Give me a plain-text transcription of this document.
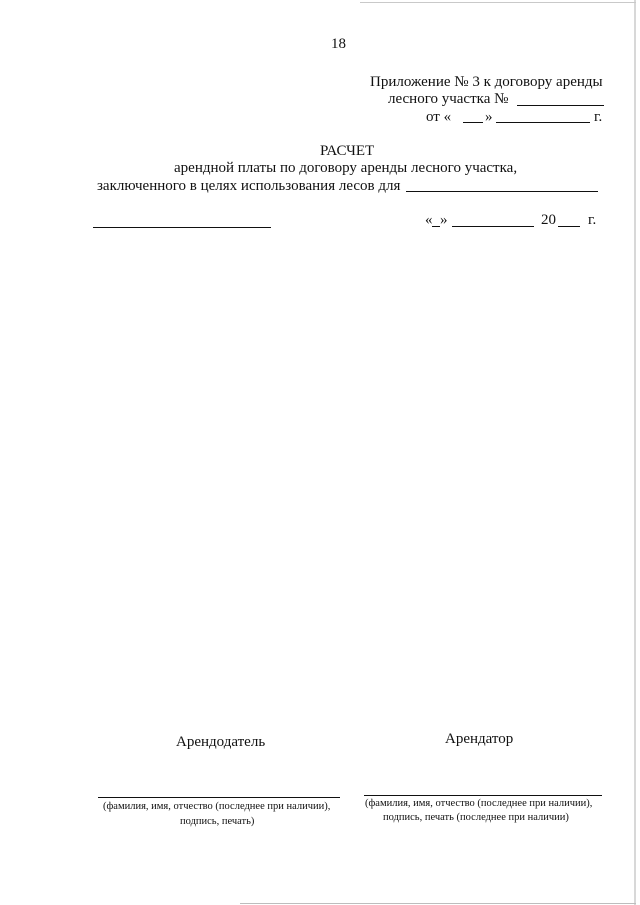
18
Приложение № 3 к договору аренды
лесного участка №
от « »	г.
РАСЧЕТ
арендной платы по договору аренды лесного участка,
заключенного в целях использования лесов для
« »	20 г.
Арендодатель
(фамилия, имя, отчество (последнее при наличии),
подпись, печать)
Арендатор
(фамилия, имя, отчество (последнее при наличии),
подпись, печать (последнее при наличии)
